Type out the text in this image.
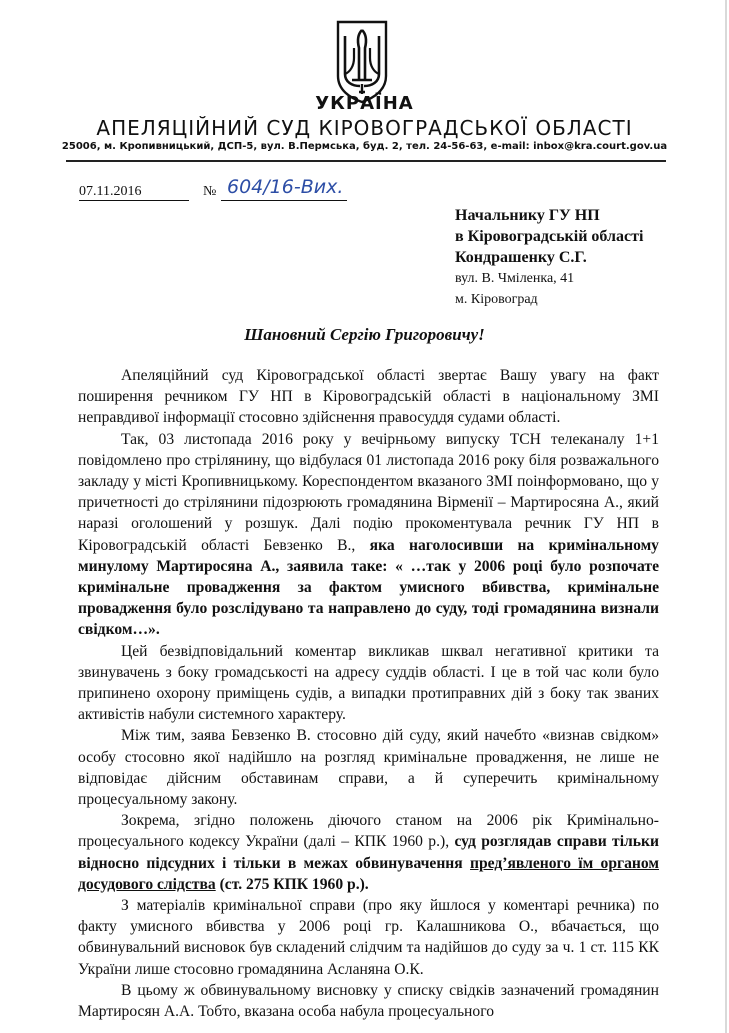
УКРАЇНА
АПЕЛЯЦІЙНИЙ СУД КІРОВОГРАДСЬКОЇ ОБЛАСТІ
25006, м. Кропивницький, ДСП-5, вул. В.Пермська, буд. 2, тел. 24-56-63, e-mail: inbox@kra.court.gov.ua
07.11.2016	№ 604/16-Вих.
Начальнику ГУ НП
в Кіровоградській області
Кондрашенку С.Г.
вул. В. Чміленка, 41
м. Кіровоград
Шановний Сергію Григоровичу!

Апеляційний суд Кіровоградської області звертає Вашу увагу на факт поширення речником ГУ НП в Кіровоградській області в національному ЗМІ неправдивої інформації стосовно здійснення правосуддя судами області.

Так, 03 листопада 2016 року у вечірньому випуску ТСН телеканалу 1+1 повідомлено про стрілянину, що відбулася 01 листопада 2016 року біля розважального закладу у місті Кропивницькому. Кореспондентом вказаного ЗМІ поінформовано, що у причетності до стрілянини підозрюють громадянина Вірменії – Мартиросяна А., який наразі оголошений у розшук. Далі подію прокоментувала речник ГУ НП в Кіровоградській області Бевзенко В., яка наголосивши на кримінальному минулому Мартиросяна А., заявила таке: « …так у 2006 році було розпочате кримінальне провадження за фактом умисного вбивства, кримінальне провадження було розслідувано та направлено до суду, тоді громадянина визнали свідком…».

Цей безвідповідальний коментар викликав шквал негативної критики та звинувачень з боку громадськості на адресу суддів області. І це в той час коли було припинено охорону приміщень судів, а випадки протиправних дій з боку так званих активістів набули системного характеру.

Між тим, заява Бевзенко В. стосовно дій суду, який начебто «визнав свідком» особу стосовно якої надійшло на розгляд кримінальне провадження, не лише не відповідає дійсним обставинам справи, а й суперечить кримінальному процесуальному закону.

Зокрема, згідно положень діючого станом на 2006 рік Кримінально-процесуального кодексу України (далі – КПК 1960 р.), суд розглядав справи тільки відносно підсудних і тільки в межах обвинувачення пред’явленого їм органом досудового слідства (ст. 275 КПК 1960 р.).

З матеріалів кримінальної справи (про яку йшлося у коментарі речника) по факту умисного вбивства у 2006 році гр. Калашникова О., вбачається, що обвинувальний висновок був складений слідчим та надійшов до суду за ч. 1 ст. 115 КК України лише стосовно громадянина Асланяна О.К.

В цьому ж обвинувальному висновку у списку свідків зазначений громадянин Мартиросян А.А. Тобто, вказана особа набула процесуального
